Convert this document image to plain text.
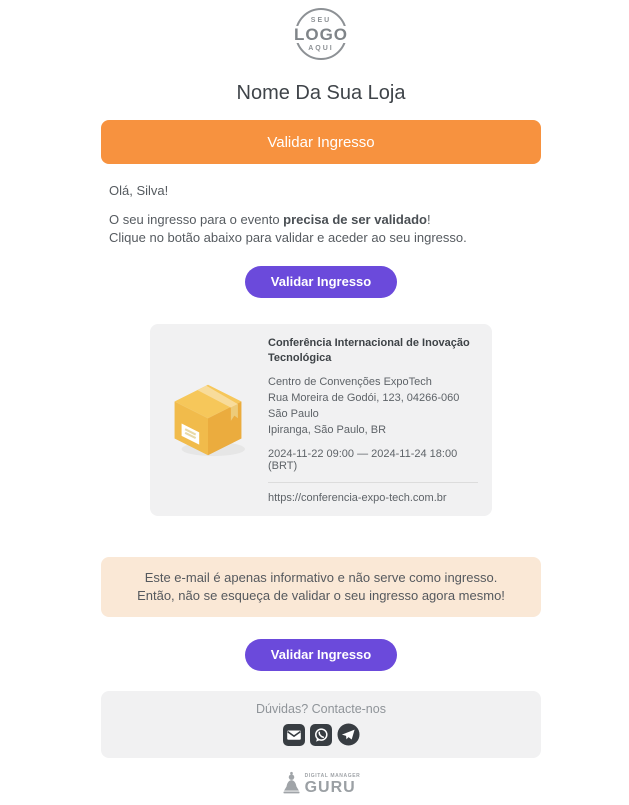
SEU
LOGO
AQUI
Nome Da Sua Loja
Validar Ingresso

Olá, Silva!

O seu ingresso para o evento precisa de ser validado!
Clique no botão abaixo para validar e aceder ao seu ingresso.

Validar Ingresso
Conferência Internacional de Inovação Tecnológica
Centro de Convenções ExpoTech
Rua Moreira de Godói, 123, 04266-060 São Paulo
Ipiranga, São Paulo, BR
2024-11-22 09:00 — 2024-11-24 18:00 (BRT)
https://conferencia-expo-tech.com.br
Este e-mail é apenas informativo e não serve como ingresso.
Então, não se esqueça de validar o seu ingresso agora mesmo!
Validar Ingresso
Dúvidas? Contacte-nos
DIGITAL MANAGER
GURU
